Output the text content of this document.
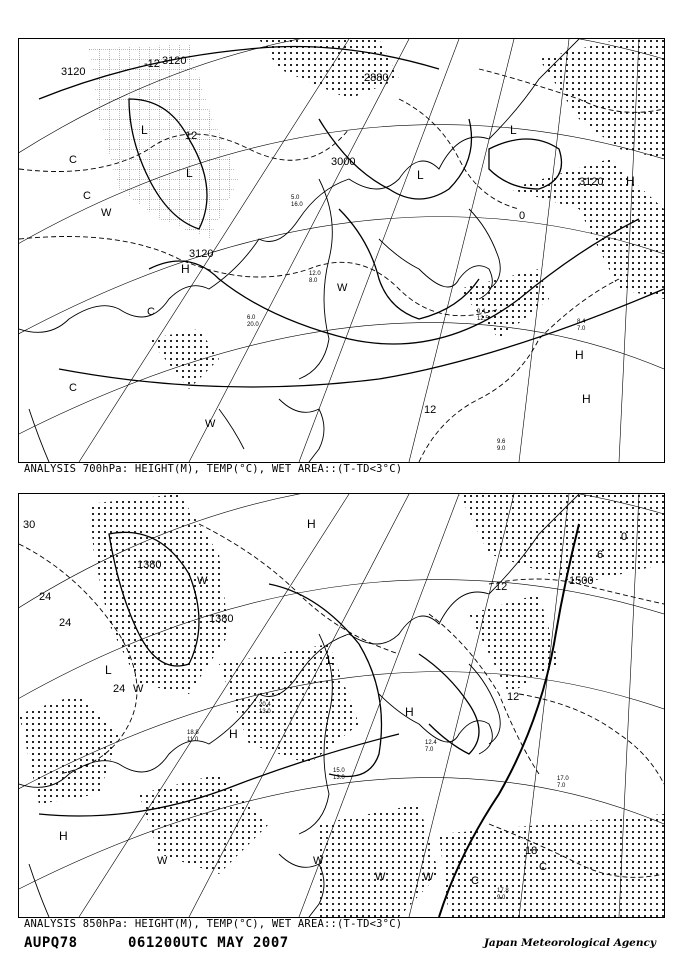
3120
3120
2880
3000
3120
3120
-12
0
12
12
L
L	L
L
H
H
H
H
C
C
C
C
W
W
W
9.6
9.0
8.4
7.0
9.4
12.5
12.0
8.0
6.0
20.0
5.0
16.0
ANALYSIS 700hPa: HEIGHT(M), TEMP(°C), WET AREA::(T-TD<3°C)
1380
1500
1380
30
24
24
24
12
18
6
0
12
L
L
H
H
H
H
W
W
W	W
W	W
C
C
17.8
9.0
17.0
7.0
12.4
7.0
15.0
13.0
18.8
11.0
20.4
13.0
ANALYSIS 850hPa: HEIGHT(M), TEMP(°C), WET AREA::(T-TD<3°C)
AUPQ78	061200UTC MAY 2007	Japan Meteorological Agency
